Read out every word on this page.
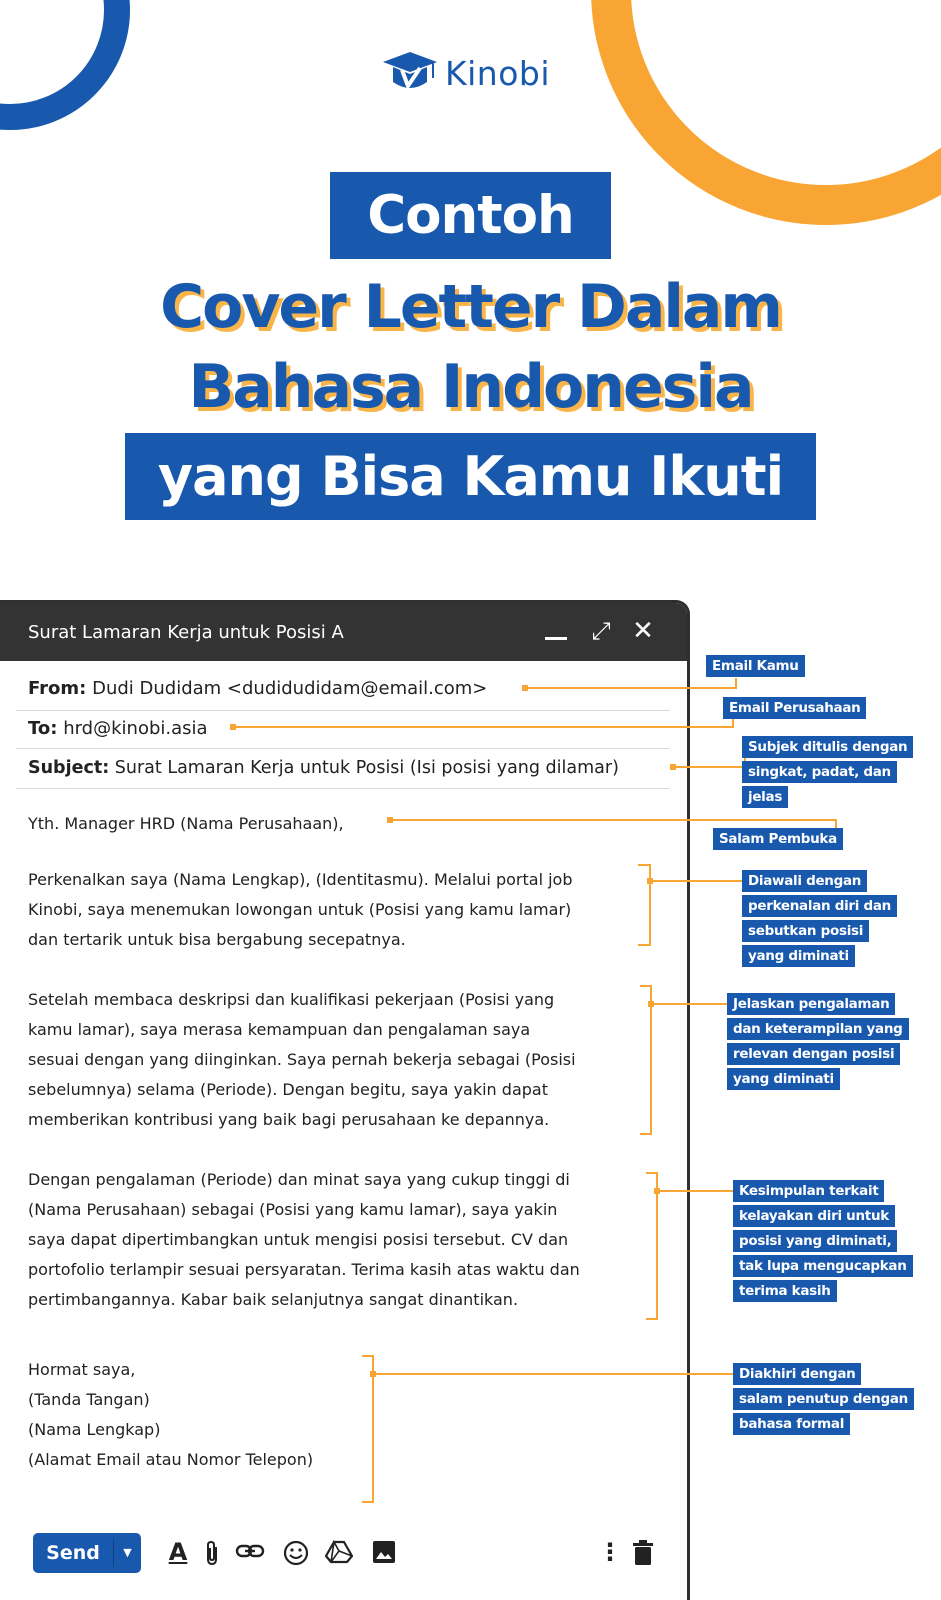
Kinobi
Contoh
Cover Letter Dalam
Bahasa Indonesia
yang Bisa Kamu Ikuti
Surat Lamaran Kerja untuk Posisi A	⤢ ✕
From: Dudi Dudidam <dudidudidam@email.com>
To: hrd@kinobi.asia
Subject: Surat Lamaran Kerja untuk Posisi (Isi posisi yang dilamar)
Yth. Manager HRD (Nama Perusahaan),
Perkenalkan saya (Nama Lengkap), (Identitasmu). Melalui portal job
Kinobi, saya menemukan lowongan untuk (Posisi yang kamu lamar)
dan tertarik untuk bisa bergabung secepatnya.
Setelah membaca deskripsi dan kualifikasi pekerjaan (Posisi yang
kamu lamar), saya merasa kemampuan dan pengalaman saya
sesuai dengan yang diinginkan. Saya pernah bekerja sebagai (Posisi
sebelumnya) selama (Periode). Dengan begitu, saya yakin dapat
memberikan kontribusi yang baik bagi perusahaan ke depannya.
Dengan pengalaman (Periode) dan minat saya yang cukup tinggi di
(Nama Perusahaan) sebagai (Posisi yang kamu lamar), saya yakin
saya dapat dipertimbangkan untuk mengisi posisi tersebut. CV dan
portofolio terlampir sesuai persyaratan. Terima kasih atas waktu dan
pertimbangannya. Kabar baik selanjutnya sangat dinantikan.
Hormat saya,
(Tanda Tangan)
(Nama Lengkap)
(Alamat Email atau Nomor Telepon)
Send	▼	A	⋮
Email Kamu
Email Perusahaan
Subjek ditulis dengan
singkat, padat, dan
jelas
Salam Pembuka
Diawali dengan
perkenalan diri dan
sebutkan posisi
yang diminati
Jelaskan pengalaman
dan keterampilan yang
relevan dengan posisi
yang diminati
Kesimpulan terkait
kelayakan diri untuk
posisi yang diminati,
tak lupa mengucapkan
terima kasih
Diakhiri dengan
salam penutup dengan
bahasa formal
